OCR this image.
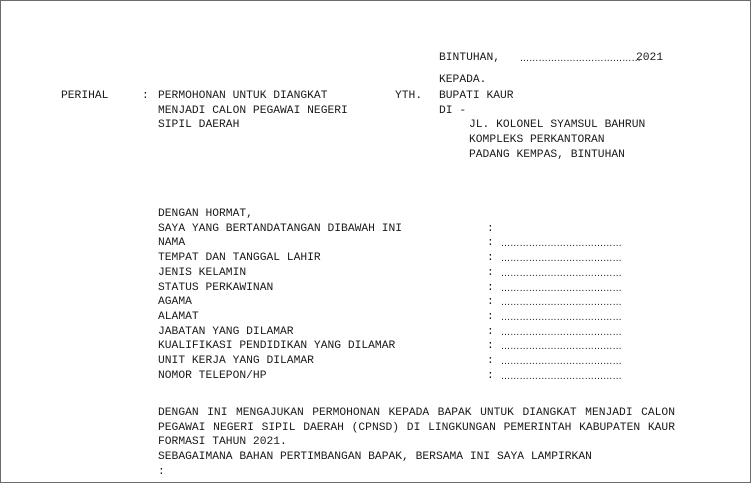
BINTUHAN, …………………………………
2021
KEPADA.
YTH. BUPATI KAUR
DI -
JL. KOLONEL SYAMSUL BAHRUN
KOMPLEKS PERKANTORAN
PADANG KEMPAS, BINTUHAN
PERIHAL	: PERMOHONAN UNTUK DIANGKAT
MENJADI CALON PEGAWAI NEGERI
SIPIL DAERAH
DENGAN HORMAT,
SAYA YANG BERTANDATANGAN DIBAWAH INI	:
NAMA	: …………………………………
TEMPAT DAN TANGGAL LAHIR	: …………………………………
JENIS KELAMIN	: …………………………………
STATUS PERKAWINAN	: …………………………………
AGAMA	: …………………………………
ALAMAT	: …………………………………
JABATAN YANG DILAMAR	: …………………………………
KUALIFIKASI PENDIDIKAN YANG DILAMAR	: …………………………………
UNIT KERJA YANG DILAMAR	: …………………………………
NOMOR TELEPON/HP	: …………………………………
DENGAN INI MENGAJUKAN PERMOHONAN KEPADA BAPAK UNTUK DIANGKAT MENJADI CALON PEGAWAI NEGERI SIPIL DAERAH (CPNSD) DI LINGKUNGAN PEMERINTAH KABUPATEN KAUR FORMASI TAHUN 2021.
SEBAGAIMANA BAHAN PERTIMBANGAN BAPAK, BERSAMA INI SAYA LAMPIRKAN
:
